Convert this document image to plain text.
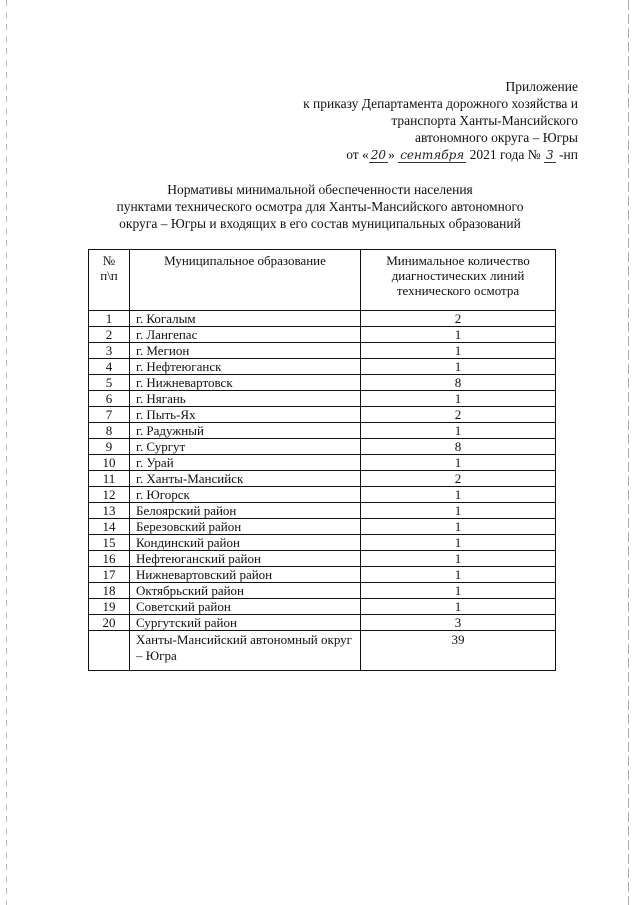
Приложение
к приказу Департамента дорожного хозяйства и
транспорта Ханты-Мансийского
автономного округа – Югры
от « 20 » сентября 2021 года № 3 -нп
Нормативы минимальной обеспеченности населения
пунктами технического осмотра для Ханты-Мансийского автономного
округа – Югры и входящих в его состав муниципальных образований
№ п\п	Муниципальное образование	Минимальное количество диагностических линий технического осмотра
1	г. Когалым	2
2	г. Лангепас	1
3	г. Мегион	1
4	г. Нефтеюганск	1
5	г. Нижневартовск	8
6	г. Нягань	1
7	г. Пыть-Ях	2
8	г. Радужный	1
9	г. Сургут	8
10	г. Урай	1
11	г. Ханты-Мансийск	2
12	г. Югорск	1
13	Белоярский район	1
14	Березовский район	1
15	Кондинский район	1
16	Нефтеюганский район	1
17	Нижневартовский район	1
18	Октябрьский район	1
19	Советский район	1
20	Сургутский район	3
	Ханты-Мансийский автономный округ – Югра	39
